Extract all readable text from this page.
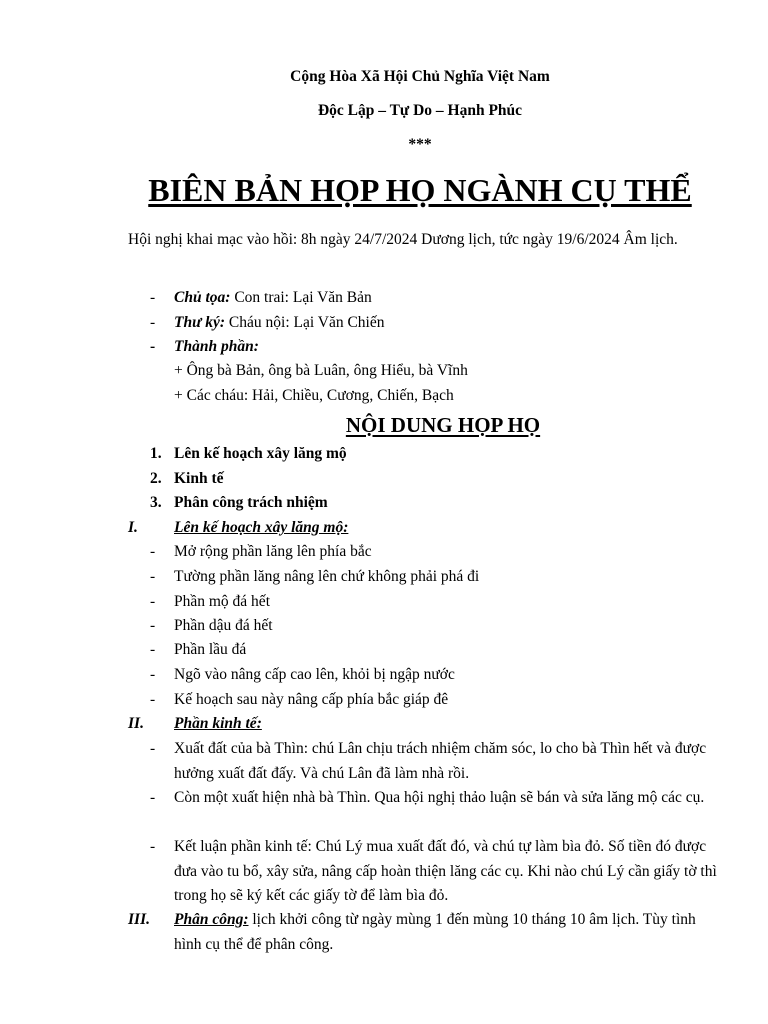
Cộng Hòa Xã Hội Chủ Nghĩa Việt Nam
Độc Lập – Tự Do – Hạnh Phúc
***
BIÊN BẢN HỌP HỌ NGÀNH CỤ THỂ
Hội nghị khai mạc vào hồi: 8h ngày 24/7/2024 Dương lịch, tức ngày 19/6/2024 Âm lịch.
- Chủ tọa: Con trai: Lại Văn Bản
- Thư ký: Cháu nội: Lại Văn Chiến
- Thành phần:
+ Ông bà Bản, ông bà Luân, ông Hiểu, bà Vĩnh
+ Các cháu: Hải, Chiều, Cương, Chiến, Bạch
NỘI DUNG HỌP HỌ
1. Lên kế hoạch xây lăng mộ
2. Kinh tế
3. Phân công trách nhiệm
I. Lên kế hoạch xây lăng mộ:
- Mở rộng phần lăng lên phía bắc
- Tường phần lăng nâng lên chứ không phải phá đi
- Phần mộ đá hết
- Phần dậu đá hết
- Phần lầu đá
- Ngõ vào nâng cấp cao lên, khỏi bị ngập nước
- Kế hoạch sau này nâng cấp phía bắc giáp đê
II. Phần kinh tế:
- Xuất đất của bà Thìn: chú Lân chịu trách nhiệm chăm sóc, lo cho bà Thìn hết và được hưởng xuất đất đấy. Và chú Lân đã làm nhà rồi.
- Còn một xuất hiện nhà bà Thìn. Qua hội nghị thảo luận sẽ bán và sửa lăng mộ các cụ.
- Kết luận phần kinh tế: Chú Lý mua xuất đất đó, và chú tự làm bìa đỏ. Số tiền đó được đưa vào tu bổ, xây sửa, nâng cấp hoàn thiện lăng các cụ. Khi nào chú Lý cần giấy tờ thì trong họ sẽ ký kết các giấy tờ để làm bìa đỏ.
III. Phân công: lịch khởi công từ ngày mùng 1 đến mùng 10 tháng 10 âm lịch. Tùy tình hình cụ thể để phân công.
